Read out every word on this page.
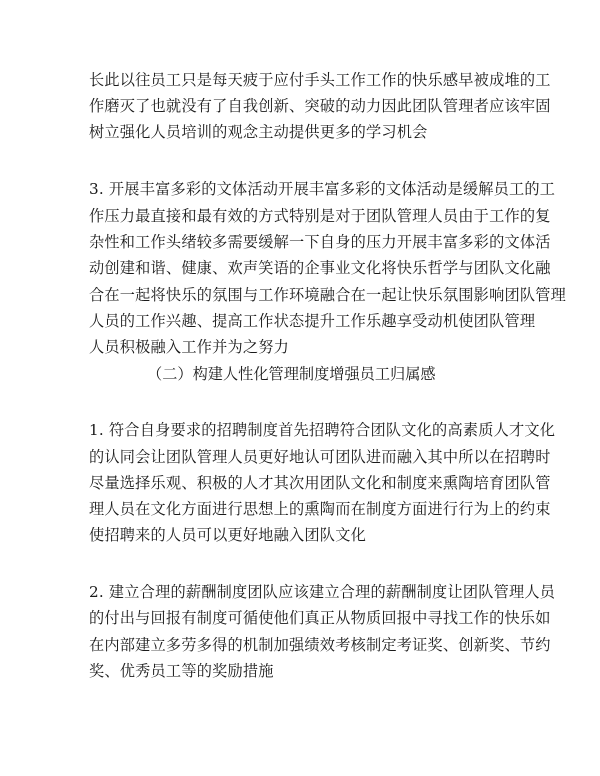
长此以往员工只是每天疲于应付手头工作工作的快乐感早被成堆的工
作磨灭了也就没有了自我创新、突破的动力因此团队管理者应该牢固
树立强化人员培训的观念主动提供更多的学习机会
3. 开展丰富多彩的文体活动开展丰富多彩的文体活动是缓解员工的工
作压力最直接和最有效的方式特别是对于团队管理人员由于工作的复
杂性和工作头绪较多需要缓解一下自身的压力开展丰富多彩的文体活
动创建和谐、健康、欢声笑语的企事业文化将快乐哲学与团队文化融
合在一起将快乐的氛围与工作环境融合在一起让快乐氛围影响团队管理
人员的工作兴趣、提高工作状态提升工作乐趣享受动机使团队管理
人员积极融入工作并为之努力
（二）构建人性化管理制度增强员工归属感
1. 符合自身要求的招聘制度首先招聘符合团队文化的高素质人才文化
的认同会让团队管理人员更好地认可团队进而融入其中所以在招聘时
尽量选择乐观、积极的人才其次用团队文化和制度来熏陶培育团队管
理人员在文化方面进行思想上的熏陶而在制度方面进行行为上的约束
使招聘来的人员可以更好地融入团队文化
2. 建立合理的薪酬制度团队应该建立合理的薪酬制度让团队管理人员
的付出与回报有制度可循使他们真正从物质回报中寻找工作的快乐如
在内部建立多劳多得的机制加强绩效考核制定考证奖、创新奖、节约
奖、优秀员工等的奖励措施
